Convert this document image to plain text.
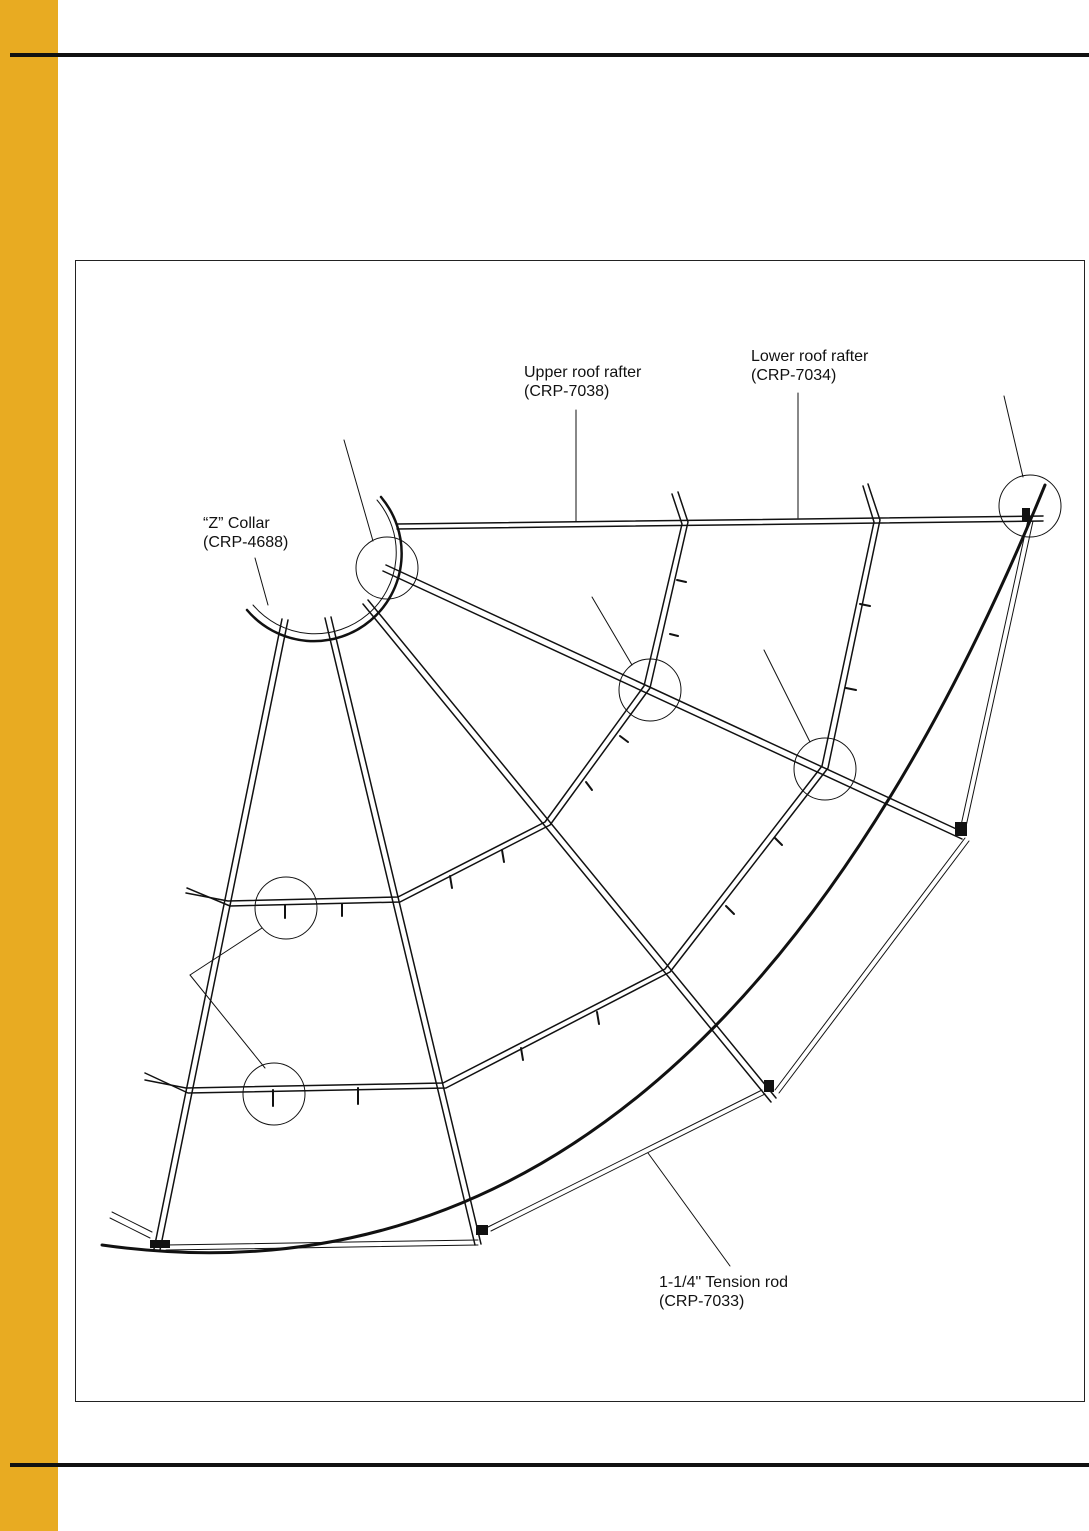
Upper roof rafter
(CRP-7038)
Lower roof rafter
(CRP-7034)
“Z” Collar
(CRP-4688)
1-1/4" Tension rod
(CRP-7033)
